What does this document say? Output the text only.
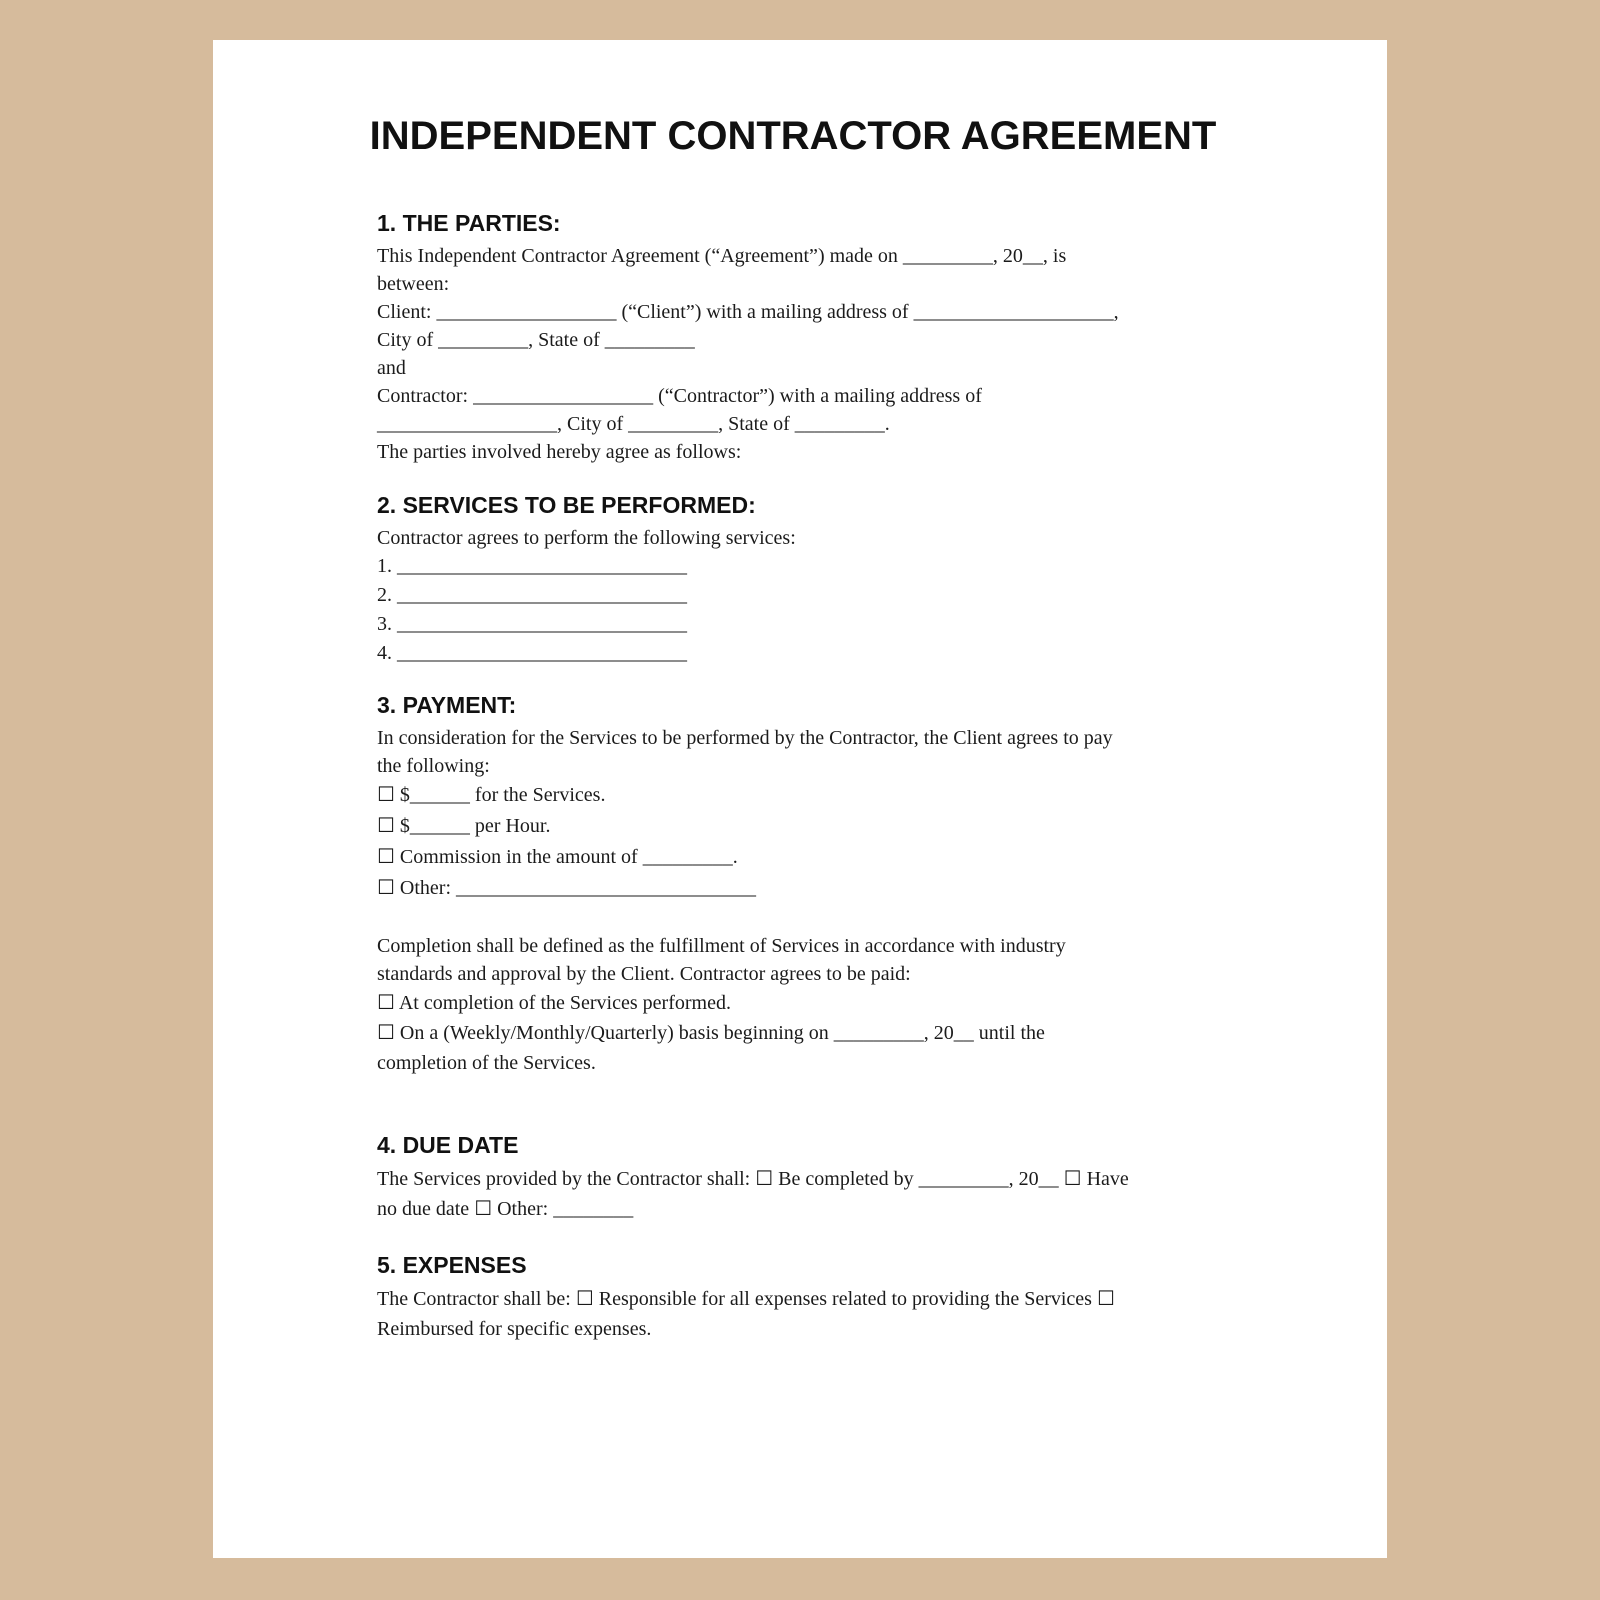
INDEPENDENT CONTRACTOR AGREEMENT
1. THE PARTIES:
This Independent Contractor Agreement (“Agreement”) made on _________, 20__, is
between:
Client: __________________ (“Client”) with a mailing address of ____________________,
City of _________, State of _________
and
Contractor: __________________ (“Contractor”) with a mailing address of
__________________, City of _________, State of _________.
The parties involved hereby agree as follows:
2. SERVICES TO BE PERFORMED:
Contractor agrees to perform the following services:
1. _____________________________
2. _____________________________
3. _____________________________
4. _____________________________
3. PAYMENT:
In consideration for the Services to be performed by the Contractor, the Client agrees to pay
the following:
☐ $______ for the Services.
☐ $______ per Hour.
☐ Commission in the amount of _________.
☐ Other: ______________________________
Completion shall be defined as the fulfillment of Services in accordance with industry
standards and approval by the Client. Contractor agrees to be paid:
☐ At completion of the Services performed.
☐ On a (Weekly/Monthly/Quarterly) basis beginning on _________, 20__ until the
completion of the Services.
4. DUE DATE
The Services provided by the Contractor shall: ☐ Be completed by _________, 20__ ☐ Have
no due date ☐ Other: ________
5. EXPENSES
The Contractor shall be: ☐ Responsible for all expenses related to providing the Services ☐
Reimbursed for specific expenses.
